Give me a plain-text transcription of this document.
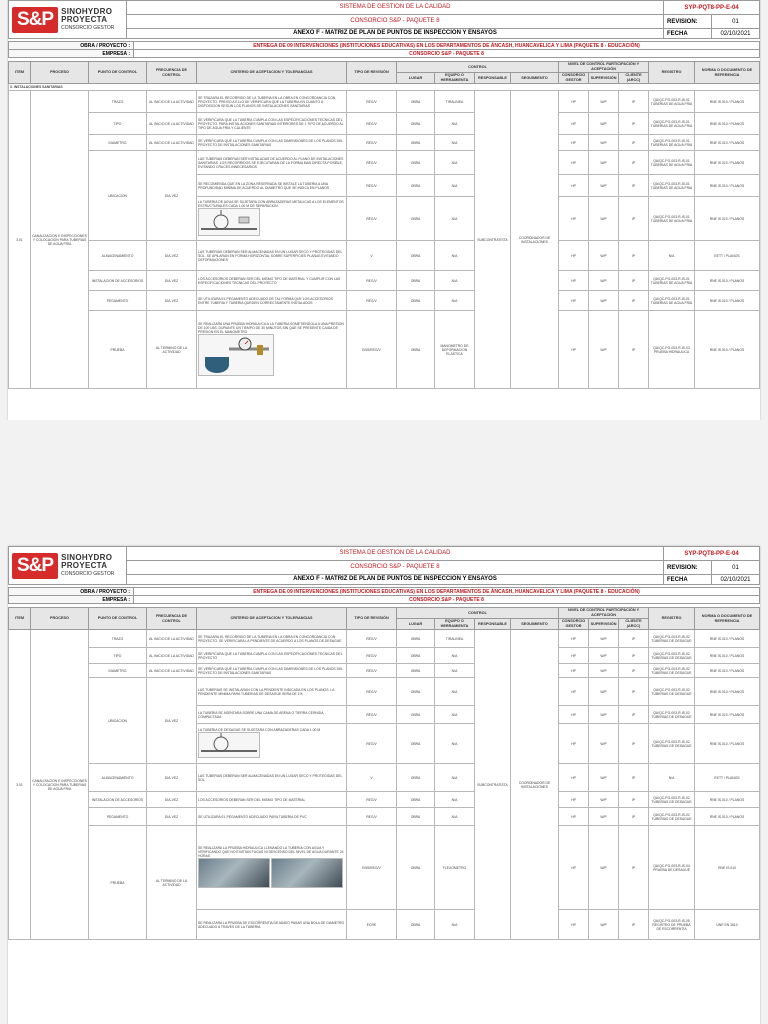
S&P SINOHYDRO
PROYECTA
CONSORCIO GESTOR	SISTEMA DE GESTION DE LA CALIDAD	SYP-PQT8-PP-E-04	
	CONSORCIO S&P - PAQUETE 8	REVISION:	01
	ANEXO F - MATRIZ DE PLAN DE PUNTOS DE INSPECCION Y ENSAYOS	FECHA	02/10/2021
OBRA / PROYECTO :	ENTREGA DE 09 INTERVENCIONES (INSTITUCIONES EDUCATIVAS) EN LOS DEPARTAMENTOS DE ÁNCASH, HUANCAVELICA Y LIMA (PAQUETE 8 - EDUCACIÓN)
EMPRESA :	CONSORCIO S&P - PAQUETE 8
ITEM	PROCESO	PUNTO DE CONTROL	FRECUENCIA DE CONTROL	CRITERIO DE ACEPTACION Y TOLERANCIAS	TIPO DE REVISIÓN	CONTROL				NIVEL DE CONTROL PARTICIPACIÓN Y ACEPTACIÓN			REGISTRO	NORMA O DOCUMENTO DE REFERENCIA
						LUGAR	EQUIPO O HERRAMIENTA	RESPONSABLE	SEGUIMIENTO	CONSORCIO GESTOR	SUPERVISIÓN	CLIENTE (ARCC)		
3. INSTALACIONES SANITARIAS														
3.01	CANALIZACION E INSPECCIONES Y COLOCACION PARA TUBERIAS DE AGUA FRIA	TRAZO	AL INICIO DE LA ACTIVIDAD	SE TRAZARA EL RECORRIDO DE LA TUBERIA EN LA OBRA EN CONCORDANCIA CON PROYECTO. PREVIO A ELLO SE VERIFICARA QUE LA TUBERIA EN CUANTO A DISPOSICION SEGÚN LOS PLANOS DE INSTALACIONES SANITARIAS	REG/V	OBRA	TIRALINEA	SUBCONTRATISTA	COORDINADOR DE INSTALACIONES	HP	W/P	IP	QA/QC-PG-003-R-IS-01 TUBERIAS DE AGUA FRIA	RNE IS.010 / PLANOS
		TIPO	AL INICIO DE LA ACTIVIDAD	SE VERIFICARA QUE LA TUBERIA CUMPLA CON LAS ESPECIFICACIONES TECNICAS DEL PROYECTO. PARA INSTALACIONES SANITARIAS INTERIORES DE 1 TIPO DE ACUERDO AL TIPO DE AGUA FRIA Y CALIENTE	REG/V	OBRA	N/A			HP	W/P	IP	QA/QC-PG-003-R-IS-01 TUBERIAS DE AGUA FRIA	RNE IS.010 / PLANOS
		DIAMETRO	AL INICIO DE LA ACTIVIDAD	SE VERIFICARA QUE LA TUBERIA CUMPLA CON LAS DIMENSIONES DE LOS PLANOS DEL PROYECTO DE INSTALACIONES SANITARIAS	REG/V	OBRA	N/A			HP	W/P	IP	QA/QC-PG-003-R-IS-01 TUBERIAS DE AGUA FRIA	RNE IS.010 / PLANOS
		UBICACION	DIA-VEZ	LAS TUBERIAS DEBERAN SER INSTALADAS DE ACUERDO AL PLANO DE INSTALACIONES SANITARIAS. LOS RECORRIDOS SE EJECUTARAN DE LA FORMA MAS DIRECTA POSIBLE, EVITANDO CRUCES INNECESARIOS	REG/V	OBRA	N/A			HP	W/P	IP	QA/QC-PG-003-R-IS-01 TUBERIAS DE AGUA FRIA	RNE IS.010 / PLANOS
				SE RECOMIENDA QUE EN LA ZONA RESERVADA SE INSTALE LA TUBERIA A UNA PROFUNDIDAD MINIMA DE ACUERDO AL DIAMETRO QUE SE INDICA EN PLANOS	REG/V	OBRA	N/A			HP	W/P	IP	QA/QC-PG-003-R-IS-01 TUBERIAS DE AGUA FRIA	RNE IS.010 / PLANOS
				LA TUBERIA DE AGUA SE SUJETARA CON ABRAZADERAS METALICAS A LOS ELEMENTOS ESTRUCTURALES CADA 1.00 M DE SEPARACION	REG/V	OBRA	N/A			HP	W/P	IP	QA/QC-PG-003-R-IS-01 TUBERIAS DE AGUA FRIA	RNE IS.010 / PLANOS
		ALMACENAMIENTO	DIA-VEZ	LAS TUBERIAS DEBERAN SER ALMACENADAS EN UN LUGAR SECO Y PROTEGIDAS DEL SOL. SE APILARAN EN FORMA HORIZONTAL SOBRE SUPERFICIES PLANAS EVITANDO DEFORMACIONES	V	OBRA	N/A			HP	W/P	IP	N/A	EETT / PLANOS
		INSTALACION DE ACCESORIOS	DIA-VEZ	LOS ACCESORIOS DEBERAN SER DEL MISMO TIPO DE MATERIAL Y CUMPLIR CON LAS ESPECIFICACIONES TECNICAS DEL PROYECTO	REG/V	OBRA	N/A			HP	W/P	IP	QA/QC-PG-003-R-IS-01 TUBERIAS DE AGUA FRIA	RNE IS.010 / PLANOS
		PEGAMENTO	DIA-VEZ	SE UTILIZARA EL PEGAMENTO ADECUADO DE TAL FORMA QUE LOS ACCESORIOS ENTRE TUBERIA Y TUBERIA QUEDEN CORRECTAMENTE INSTALADOS	REG/V	OBRA	N/A			HP	W/P	IP	QA/QC-PG-003-R-IS-01 TUBERIAS DE AGUA FRIA	RNE IS.010 / PLANOS
		PRUEBA	AL TERMINO DE LA ACTIVIDAD	SE REALIZARA UNA PRUEBA HIDRAULICA A LA TUBERIA SOMETIENDOLA A UNA PRESION DE 100 LBS. DURANTE UN TIEMPO DE 30 MINUTOS SIN QUE SE PRESENTE CAIDA DE PRESION EN EL MANOMETRO	ENS/REG/V	OBRA	MANOMETRO DE DEFORMACION ELASTICA			HP	W/P	IP	QA/QC-PG-003-R-IS-03 PRUEBA HIDRAULICA	RNE IS.010 / PLANOS
S&P SINOHYDRO
PROYECTA
CONSORCIO GESTOR	SISTEMA DE GESTION DE LA CALIDAD	SYP-PQT8-PP-E-04	
	CONSORCIO S&P - PAQUETE 8	REVISION:	01
	ANEXO F - MATRIZ DE PLAN DE PUNTOS DE INSPECCION Y ENSAYOS	FECHA	02/10/2021
OBRA / PROYECTO :	ENTREGA DE 09 INTERVENCIONES (INSTITUCIONES EDUCATIVAS) EN LOS DEPARTAMENTOS DE ÁNCASH, HUANCAVELICA Y LIMA (PAQUETE 8 - EDUCACIÓN)
EMPRESA :	CONSORCIO S&P - PAQUETE 8
ITEM	PROCESO	PUNTO DE CONTROL	FRECUENCIA DE CONTROL	CRITERIO DE ACEPTACION Y TOLERANCIAS	TIPO DE REVISIÓN	CONTROL				NIVEL DE CONTROL PARTICIPACIÓN Y ACEPTACIÓN			REGISTRO	NORMA O DOCUMENTO DE REFERENCIA
						LUGAR	EQUIPO O HERRAMIENTA	RESPONSABLE	SEGUIMIENTO	CONSORCIO GESTOR	SUPERVISIÓN	CLIENTE (ARCC)		
3.01	CANALIZACION E INSPECCIONES Y COLOCACION PARA TUBERIAS DE AGUA FRIA	TRAZO	AL INICIO DE LA ACTIVIDAD	SE TRAZARA EL RECORRIDO DE LA TUBERIA EN LA OBRA EN CONCORDANCIA CON PROYECTO. SE VERIFICARA LA PENDIENTE DE ACUERDO A LOS PLANOS DE DESAGUE	REG/V	OBRA	TIRALINEA	SUBCONTRATISTA	COORDINADOR DE INSTALACIONES	HP	W/P	IP	QA/QC-PG-003-R-IS-02 TUBERIAS DE DESAGUE	RNE IS.010 / PLANOS
		TIPO	AL INICIO DE LA ACTIVIDAD	SE VERIFICARA QUE LA TUBERIA CUMPLA CON LAS ESPECIFICACIONES TECNICAS DEL PROYECTO	REG/V	OBRA	N/A			HP	W/P	IP	QA/QC-PG-003-R-IS-02 TUBERIAS DE DESAGUE	RNE IS.010 / PLANOS
		DIAMETRO	AL INICIO DE LA ACTIVIDAD	SE VERIFICARA QUE LA TUBERIA CUMPLA CON LAS DIMENSIONES DE LOS PLANOS DEL PROYECTO DE INSTALACIONES SANITARIAS	REG/V	OBRA	N/A			HP	W/P	IP	QA/QC-PG-003-R-IS-02 TUBERIAS DE DESAGUE	RNE IS.010 / PLANOS
		UBICACION	DIA-VEZ	LAS TUBERIAS SE INSTALARAN CON LA PENDIENTE INDICADA EN LOS PLANOS. LA PENDIENTE MINIMA PARA TUBERIAS DE DESAGUE SERA DE 1%	REG/V	OBRA	N/A			HP	W/P	IP	QA/QC-PG-003-R-IS-02 TUBERIAS DE DESAGUE	RNE IS.010 / PLANOS
				LA TUBERIA SE ASENTARA SOBRE UNA CAMA DE ARENA O TIERRA CERNIDA COMPACTADA	REG/V	OBRA	N/A			HP	W/P	IP	QA/QC-PG-003-R-IS-02 TUBERIAS DE DESAGUE	RNE IS.010 / PLANOS
				LA TUBERIA DE DESAGUE SE SUJETARA CON ABRAZADERAS CADA 1.00 M	REG/V	OBRA	N/A			HP	W/P	IP	QA/QC-PG-003-R-IS-02 TUBERIAS DE DESAGUE	RNE IS.010 / PLANOS
		ALMACENAMIENTO	DIA-VEZ	LAS TUBERIAS DEBERAN SER ALMACENADAS EN UN LUGAR SECO Y PROTEGIDAS DEL SOL	V	OBRA	N/A			HP	W/P	IP	N/A	EETT / PLANOS
		INSTALACION DE ACCESORIOS	DIA-VEZ	LOS ACCESORIOS DEBERAN SER DEL MISMO TIPO DE MATERIAL	REG/V	OBRA	N/A			HP	W/P	IP	QA/QC-PG-003-R-IS-02 TUBERIAS DE DESAGUE	RNE IS.010 / PLANOS
		PEGAMENTO	DIA-VEZ	SE UTILIZARA EL PEGAMENTO ADECUADO PARA TUBERIA DE PVC	REG/V	OBRA	N/A			HP	W/P	IP	QA/QC-PG-003-R-IS-02 TUBERIAS DE DESAGUE	RNE IS.010 / PLANOS
		PRUEBA	AL TERMINO DE LA ACTIVIDAD	SE REALIZARA LA PRUEBA HIDRAULICA LLENANDO LA TUBERIA CON AGUA Y VERIFICANDO QUE NO EXISTAN FUGAS NI DESCENSO DEL NIVEL DE AGUA DURANTE 24 HORAS	ENS/REG/V	OBRA	FLEXOMETRO			HP	W/P	IP	QA/QC-PG-003-R-IS-04 PRUEBA DE DESAGUE	RNE IS.010
				SE REALIZARA LA PRUEBA DE ESCORRENTIA DEJANDO PASAR UNA BOLA DE DIAMETRO ADECUADO A TRAVES DE LA TUBERIA	ECRE	OBRA	N/A			HP	W/P	IP	QA/QC-PG-003-R-IS-05 REGISTRO DE PRUEBA DE ESCORRENTIA	UNE EN 1610
